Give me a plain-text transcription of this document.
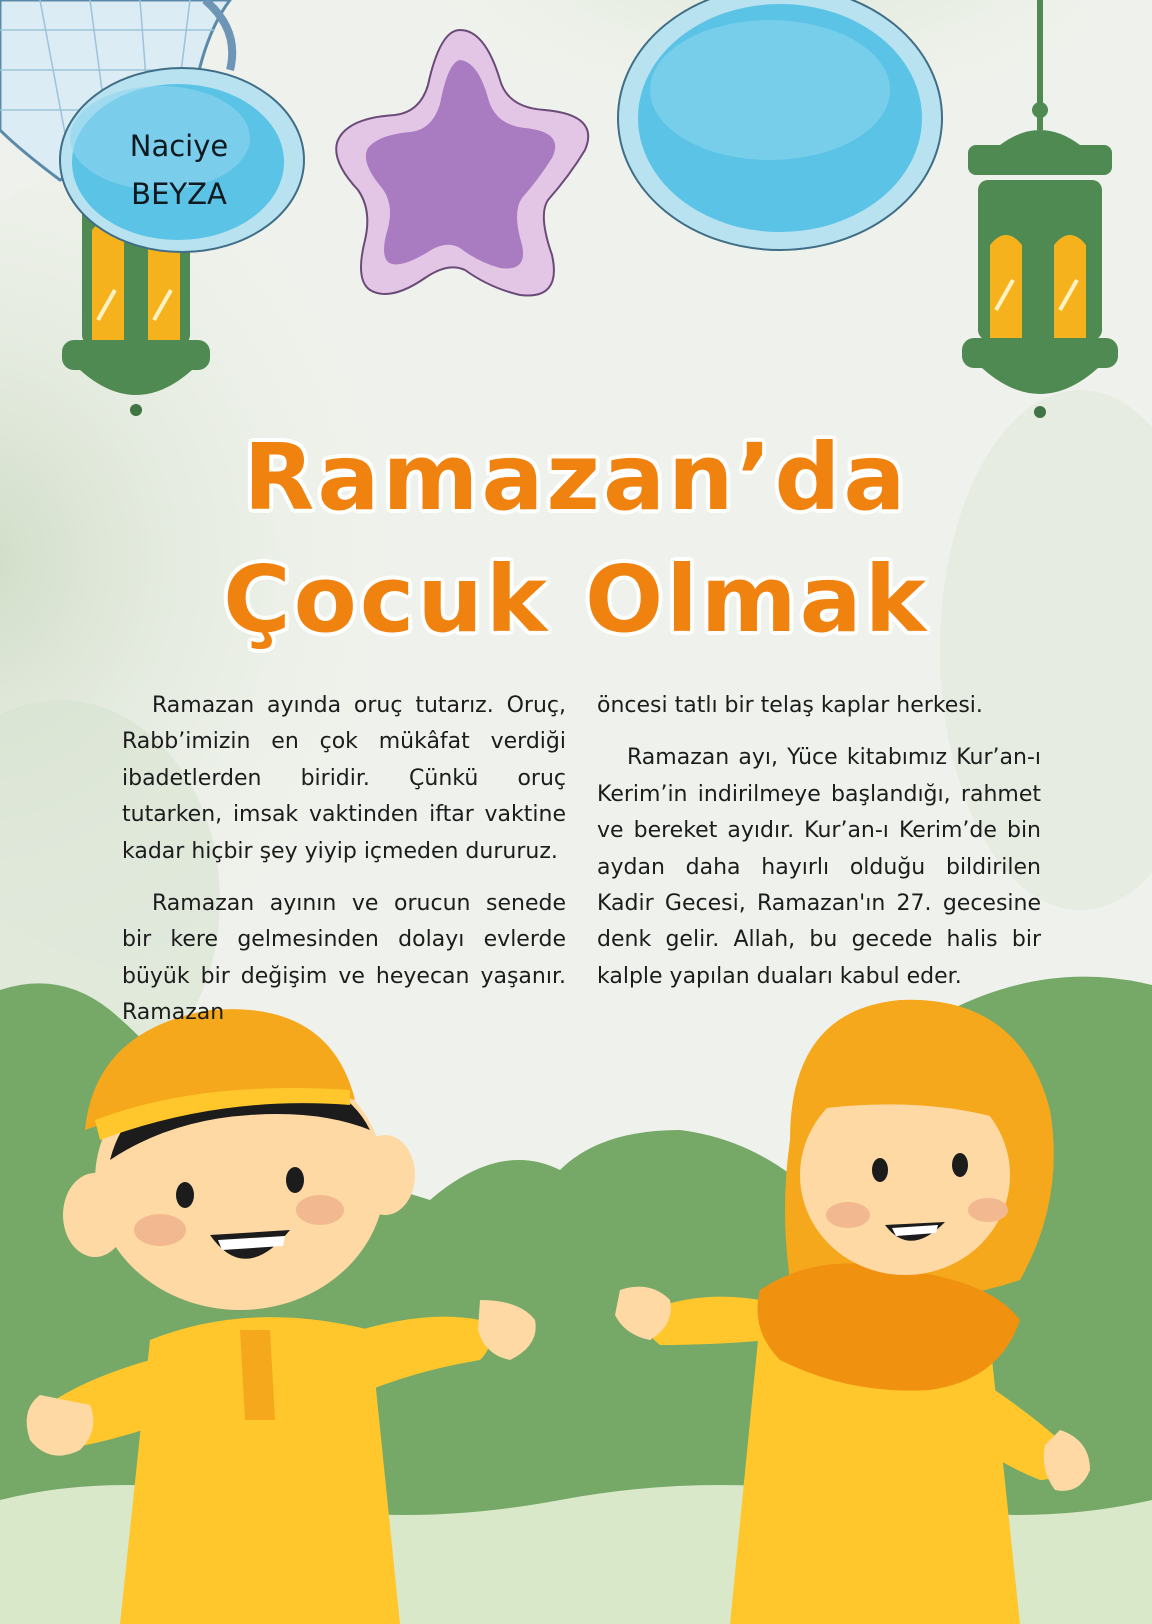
Naciye
BEYZA
Ramazan’da
Çocuk Olmak

Ramazan ayında oruç tutarız. Oruç, Rabb’imizin en çok mükâfat verdiği ibadetlerden biridir. Çünkü oruç tutarken, imsak vaktinden iftar vaktine kadar hiçbir şey yiyip içmeden dururuz.

Ramazan ayının ve orucun senede bir kere gelmesinden dolayı evlerde büyük bir değişim ve heyecan yaşanır. Ramazan

öncesi tatlı bir telaş kaplar herkesi.

Ramazan ayı, Yüce kitabımız Kur’an-ı Kerim’in indirilmeye başlandığı, rahmet ve bereket ayıdır. Kur’an-ı Kerim’de bin aydan daha hayırlı olduğu bildirilen Kadir Gecesi, Ramazan'ın 27. gecesine denk gelir. Allah, bu gecede halis bir kalple yapılan duaları kabul eder.
